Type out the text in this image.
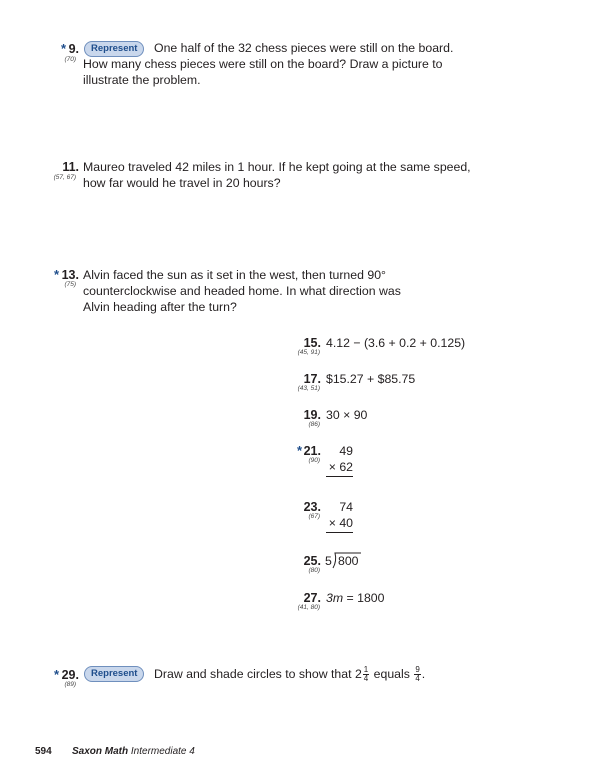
* 9.
(70)
Represent	One half of the 32 chess pieces were still on the board.
How many chess pieces were still on the board? Draw a picture to
illustrate the problem.
11.
(57, 67)
Maureo traveled 42 miles in 1 hour. If he kept going at the same speed,
how far would he travel in 20 hours?
* 13.
(75)
Alvin faced the sun as it set in the west, then turned 90°
counterclockwise and headed home. In what direction was
Alvin heading after the turn?
15.
(45, 91)
4.12 − (3.6 + 0.2 + 0.125)
17.
(43, 51)
$15.27 + $85.75
19.
(86)
30 × 90
* 21.
(90)
49
× 62
23.
(67)
74
× 40
25.
(80)
5 800
27.
(41, 80)
3m = 1800
* 29.
(89)
Represent	Draw and shade circles to show that $2 \frac{1}{4}$ equals $\frac{9}{4}$ .
594 Saxon Math Intermediate 4
